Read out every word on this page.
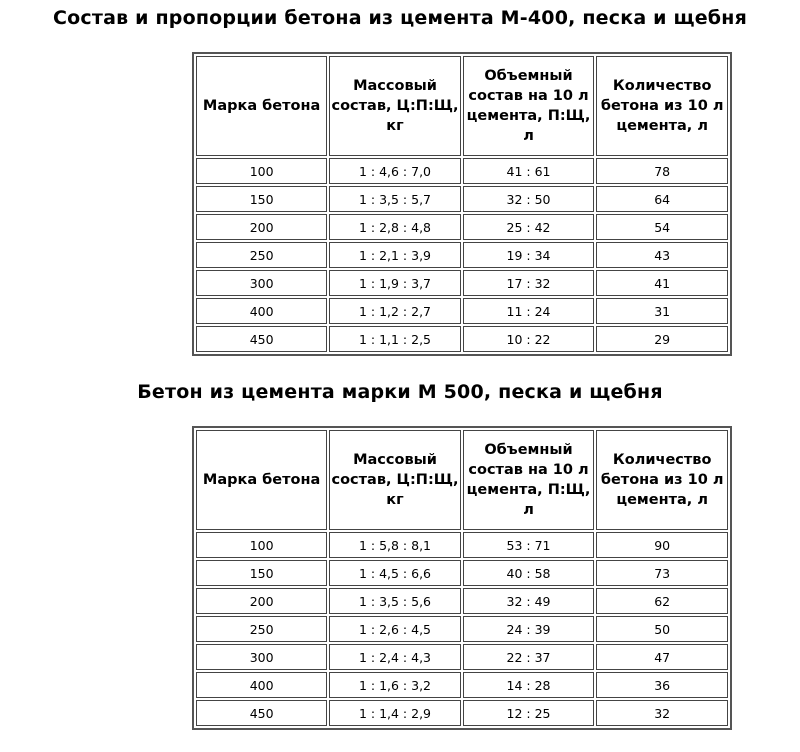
Состав и пропорции бетона из цемента М-400, песка и щебня
Марка бетона	Массовый состав, Ц:П:Щ, кг	Объемный состав на 10 л цемента, П:Щ, л	Количество бетона из 10 л цемента, л
100	1 : 4,6 : 7,0	41 : 61	78
150	1 : 3,5 : 5,7	32 : 50	64
200	1 : 2,8 : 4,8	25 : 42	54
250	1 : 2,1 : 3,9	19 : 34	43
300	1 : 1,9 : 3,7	17 : 32	41
400	1 : 1,2 : 2,7	11 : 24	31
450	1 : 1,1 : 2,5	10 : 22	29
Бетон из цемента марки М 500, песка и щебня
Марка бетона	Массовый состав, Ц:П:Щ, кг	Объемный состав на 10 л цемента, П:Щ, л	Количество бетона из 10 л цемента, л
100	1 : 5,8 : 8,1	53 : 71	90
150	1 : 4,5 : 6,6	40 : 58	73
200	1 : 3,5 : 5,6	32 : 49	62
250	1 : 2,6 : 4,5	24 : 39	50
300	1 : 2,4 : 4,3	22 : 37	47
400	1 : 1,6 : 3,2	14 : 28	36
450	1 : 1,4 : 2,9	12 : 25	32
